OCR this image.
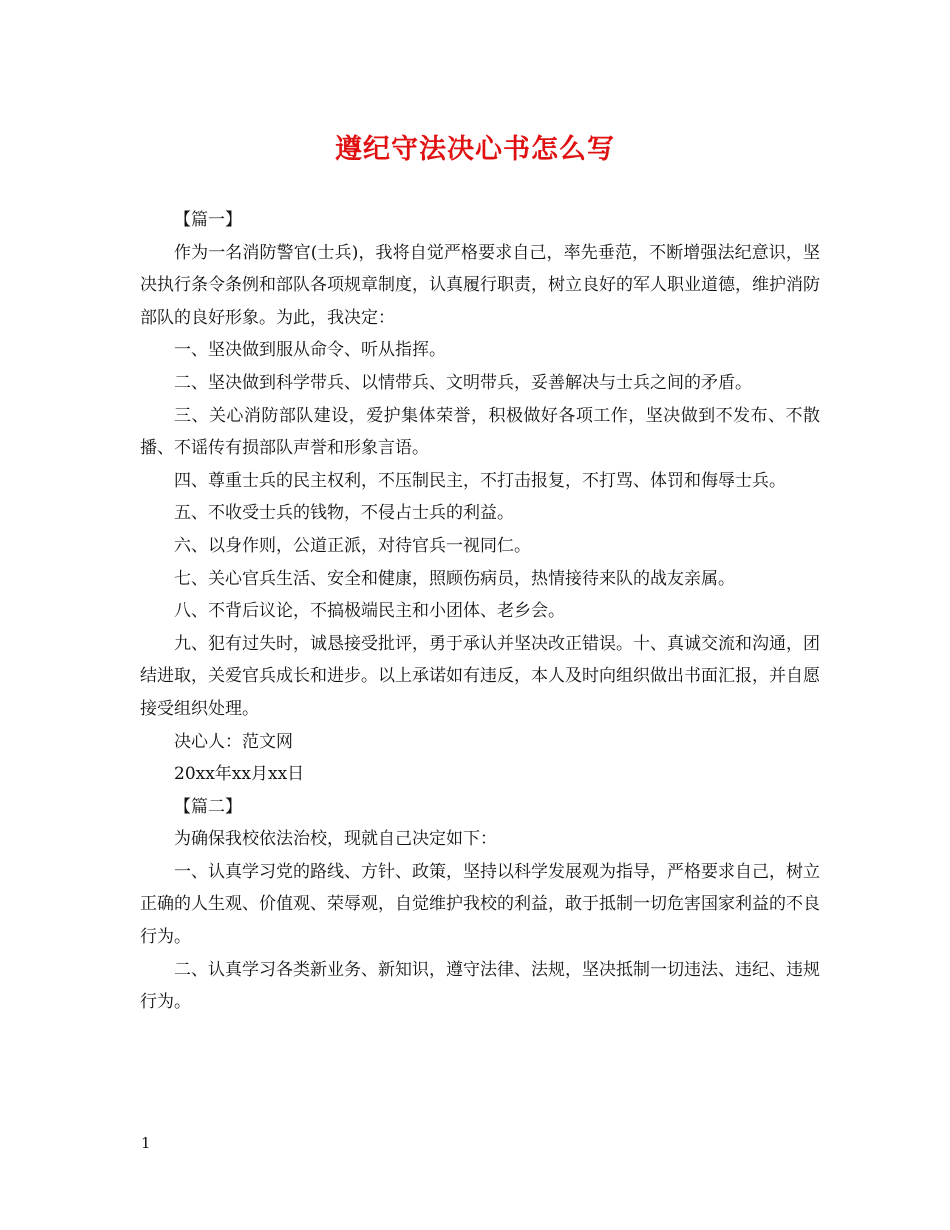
遵纪守法决心书怎么写

【篇一】

作为一名消防警官(士兵)，我将自觉严格要求自己，率先垂范，不断增强法纪意识，坚决执行条令条例和部队各项规章制度，认真履行职责，树立良好的军人职业道德，维护消防部队的良好形象。为此，我决定：

一、坚决做到服从命令、听从指挥。

二、坚决做到科学带兵、以情带兵、文明带兵，妥善解决与士兵之间的矛盾。

三、关心消防部队建设，爱护集体荣誉，积极做好各项工作，坚决做到不发布、不散播、不谣传有损部队声誉和形象言语。

四、尊重士兵的民主权利，不压制民主，不打击报复，不打骂、体罚和侮辱士兵。

五、不收受士兵的钱物，不侵占士兵的利益。

六、以身作则，公道正派，对待官兵一视同仁。

七、关心官兵生活、安全和健康，照顾伤病员，热情接待来队的战友亲属。

八、不背后议论，不搞极端民主和小团体、老乡会。

九、犯有过失时，诚恳接受批评，勇于承认并坚决改正错误。十、真诚交流和沟通，团结进取，关爱官兵成长和进步。以上承诺如有违反，本人及时向组织做出书面汇报，并自愿接受组织处理。

决心人：范文网

20xx年xx月xx日

【篇二】

为确保我校依法治校，现就自己决定如下：

一、认真学习党的路线、方针、政策，坚持以科学发展观为指导，严格要求自己，树立正确的人生观、价值观、荣辱观，自觉维护我校的利益，敢于抵制一切危害国家利益的不良行为。

二、认真学习各类新业务、新知识，遵守法律、法规，坚决抵制一切违法、违纪、违规行为。

1
